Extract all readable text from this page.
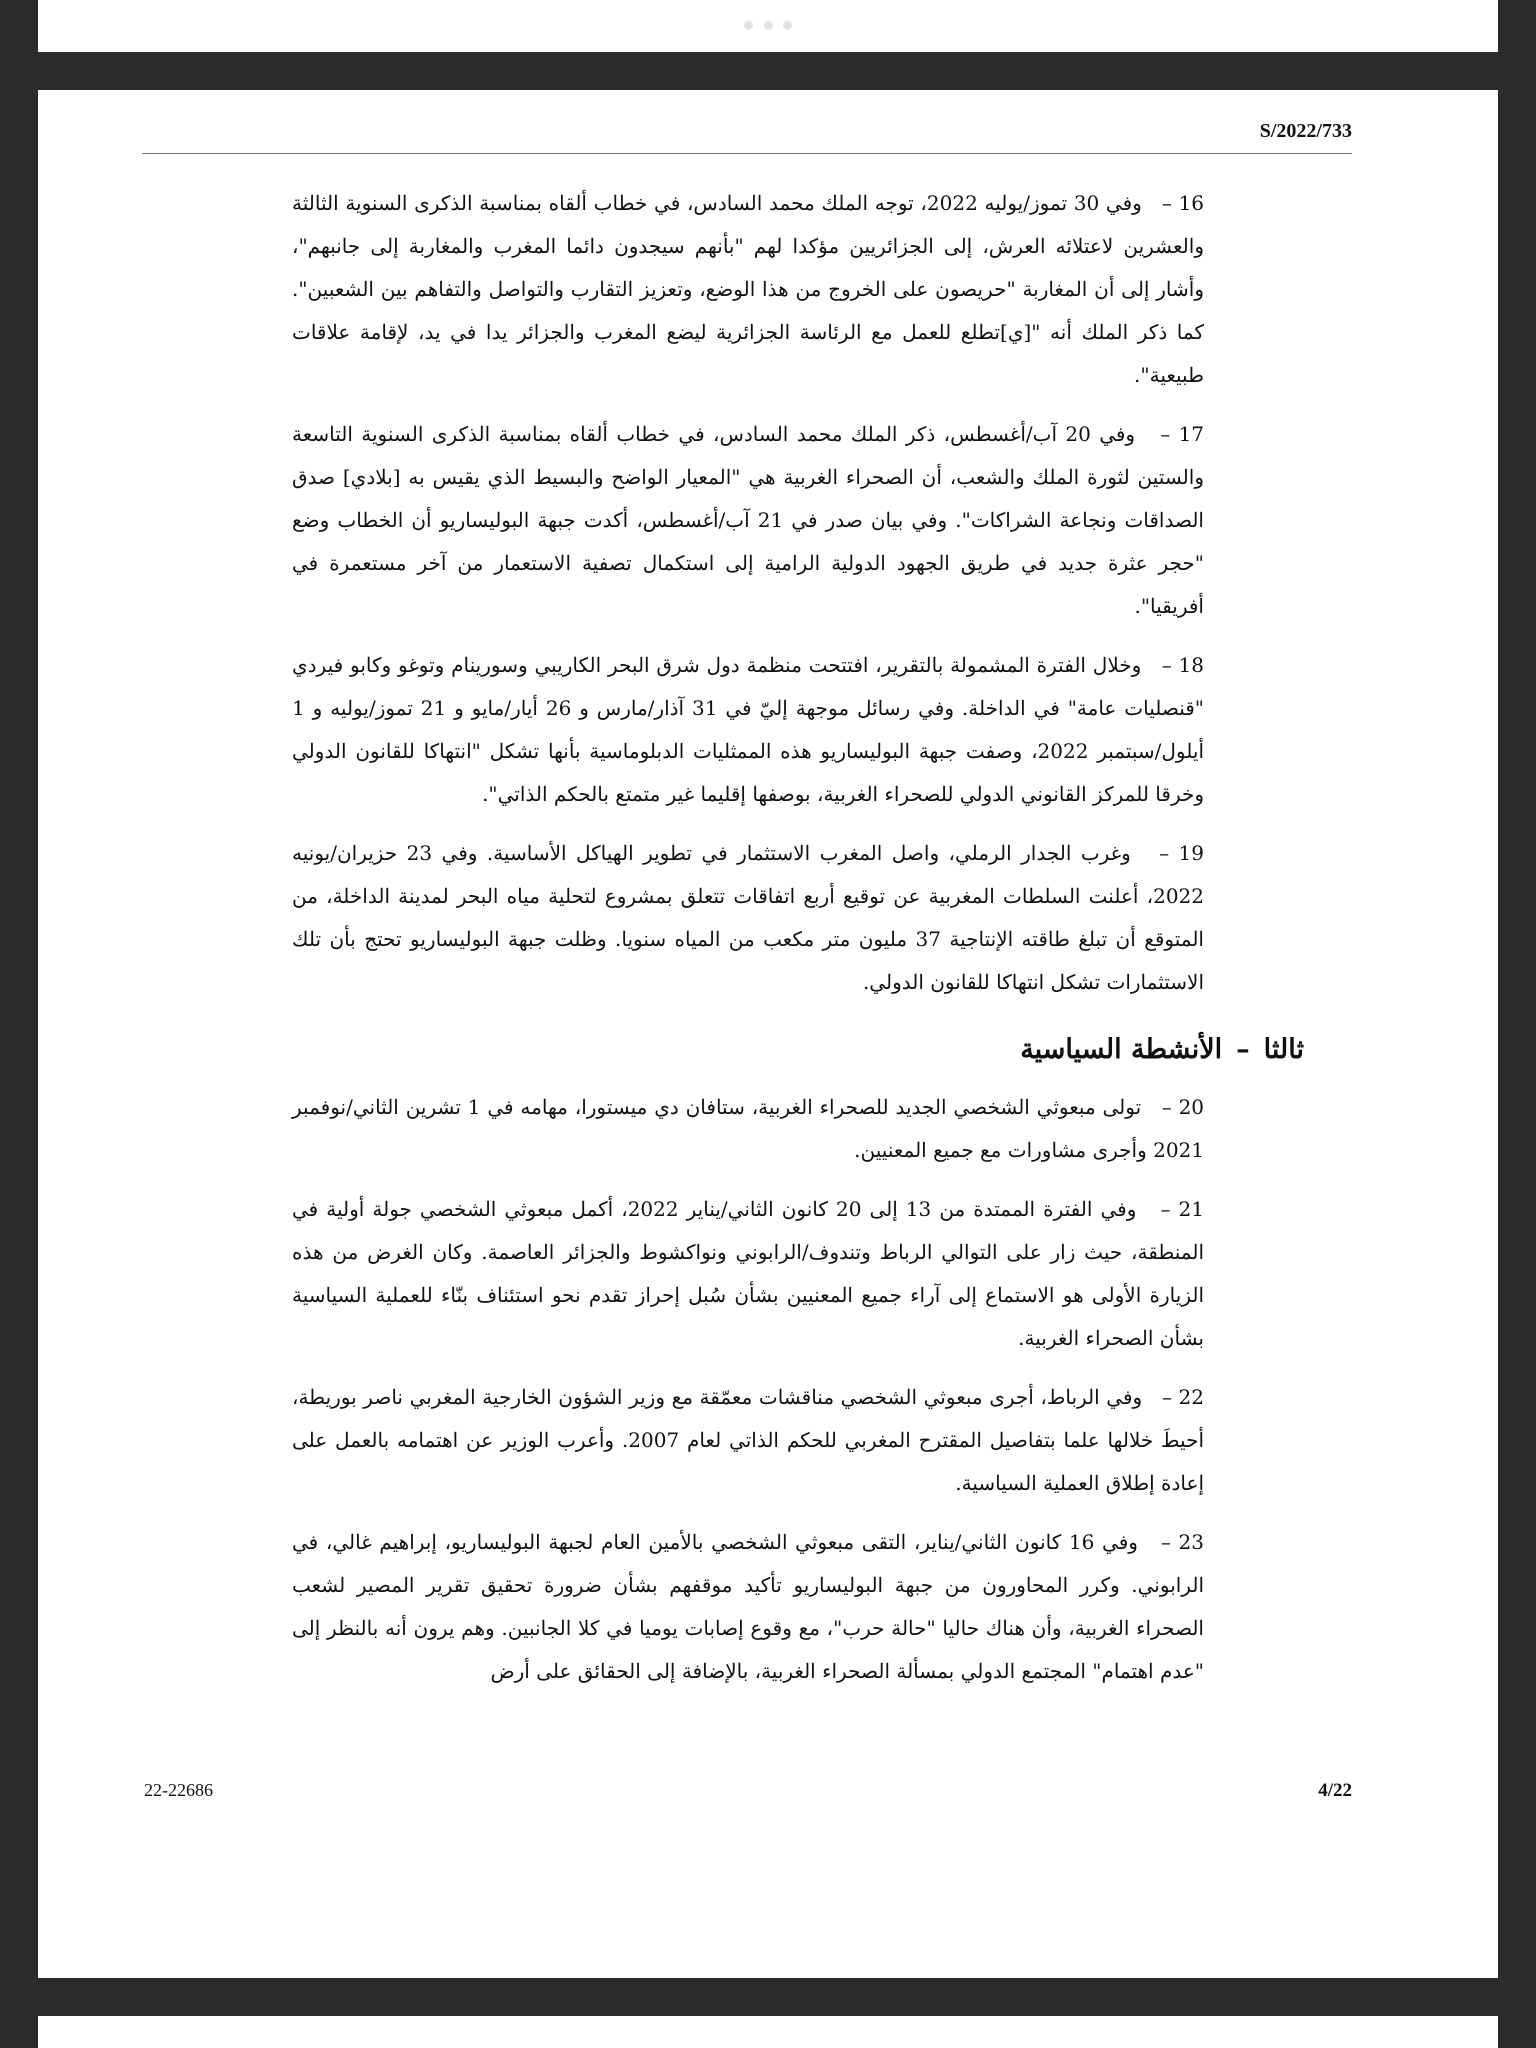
S/2022/733

16 –   وفي 30 تموز/يوليه 2022، توجه الملك محمد السادس، في خطاب ألقاه بمناسبة الذكرى السنوية الثالثة والعشرين لاعتلائه العرش، إلى الجزائريين مؤكدا لهم "بأنهم سيجدون دائما المغرب والمغاربة إلى جانبهم"، وأشار إلى أن المغاربة "حريصون على الخروج من هذا الوضع، وتعزيز التقارب والتواصل والتفاهم بين الشعبين". كما ذكر الملك أنه "[ي]تطلع للعمل مع الرئاسة الجزائرية ليضع المغرب والجزائر يدا في يد، لإقامة علاقات طبيعية".

17 –   وفي 20 آب/أغسطس، ذكر الملك محمد السادس، في خطاب ألقاه بمناسبة الذكرى السنوية التاسعة والستين لثورة الملك والشعب، أن الصحراء الغربية هي "المعيار الواضح والبسيط الذي يقيس به [بلادي] صدق الصداقات ونجاعة الشراكات". وفي بيان صدر في 21 آب/أغسطس، أكدت جبهة البوليساريو أن الخطاب وضع "حجر عثرة جديد في طريق الجهود الدولية الرامية إلى استكمال تصفية الاستعمار من آخر مستعمرة في أفريقيا".

18 –   وخلال الفترة المشمولة بالتقرير، افتتحت منظمة دول شرق البحر الكاريبي وسورينام وتوغو وكابو فيردي "قنصليات عامة" في الداخلة. وفي رسائل موجهة إليّ في 31 آذار/مارس و 26 أيار/مايو و 21 تموز/يوليه و 1 أيلول/سبتمبر 2022، وصفت جبهة البوليساريو هذه الممثليات الدبلوماسية بأنها تشكل "انتهاكا للقانون الدولي وخرقا للمركز القانوني الدولي للصحراء الغربية، بوصفها إقليما غير متمتع بالحكم الذاتي".

19 –   وغرب الجدار الرملي، واصل المغرب الاستثمار في تطوير الهياكل الأساسية. وفي 23 حزيران/يونيه 2022، أعلنت السلطات المغربية عن توقيع أربع اتفاقات تتعلق بمشروع لتحلية مياه البحر لمدينة الداخلة، من المتوقع أن تبلغ طاقته الإنتاجية 37 مليون متر مكعب من المياه سنويا. وظلت جبهة البوليساريو تحتج بأن تلك الاستثمارات تشكل انتهاكا للقانون الدولي.

ثالثا–الأنشطة السياسية

20 –   تولى مبعوثي الشخصي الجديد للصحراء الغربية، ستافان دي ميستورا، مهامه في 1 تشرين الثاني/نوفمبر 2021 وأجرى مشاورات مع جميع المعنيين.

21 –   وفي الفترة الممتدة من 13 إلى 20 كانون الثاني/يناير 2022، أكمل مبعوثي الشخصي جولة أولية في المنطقة، حيث زار على التوالي الرباط وتندوف/الرابوني ونواكشوط والجزائر العاصمة. وكان الغرض من هذه الزيارة الأولى هو الاستماع إلى آراء جميع المعنيين بشأن سُبل إحراز تقدم نحو استئناف بنّاء للعملية السياسية بشأن الصحراء الغربية.

22 –   وفي الرباط، أجرى مبعوثي الشخصي مناقشات معمّقة مع وزير الشؤون الخارجية المغربي ناصر بوريطة، أحيطَ خلالها علما بتفاصيل المقترح المغربي للحكم الذاتي لعام 2007. وأعرب الوزير عن اهتمامه بالعمل على إعادة إطلاق العملية السياسية.

23 –   وفي 16 كانون الثاني/يناير، التقى مبعوثي الشخصي بالأمين العام لجبهة البوليساريو، إبراهيم غالي، في الرابوني. وكرر المحاورون من جبهة البوليساريو تأكيد موقفهم بشأن ضرورة تحقيق تقرير المصير لشعب الصحراء الغربية، وأن هناك حاليا "حالة حرب"، مع وقوع إصابات يوميا في كلا الجانبين. وهم يرون أنه بالنظر إلى "عدم اهتمام" المجتمع الدولي بمسألة الصحراء الغربية، بالإضافة إلى الحقائق على أرض

22-22686	4/22
